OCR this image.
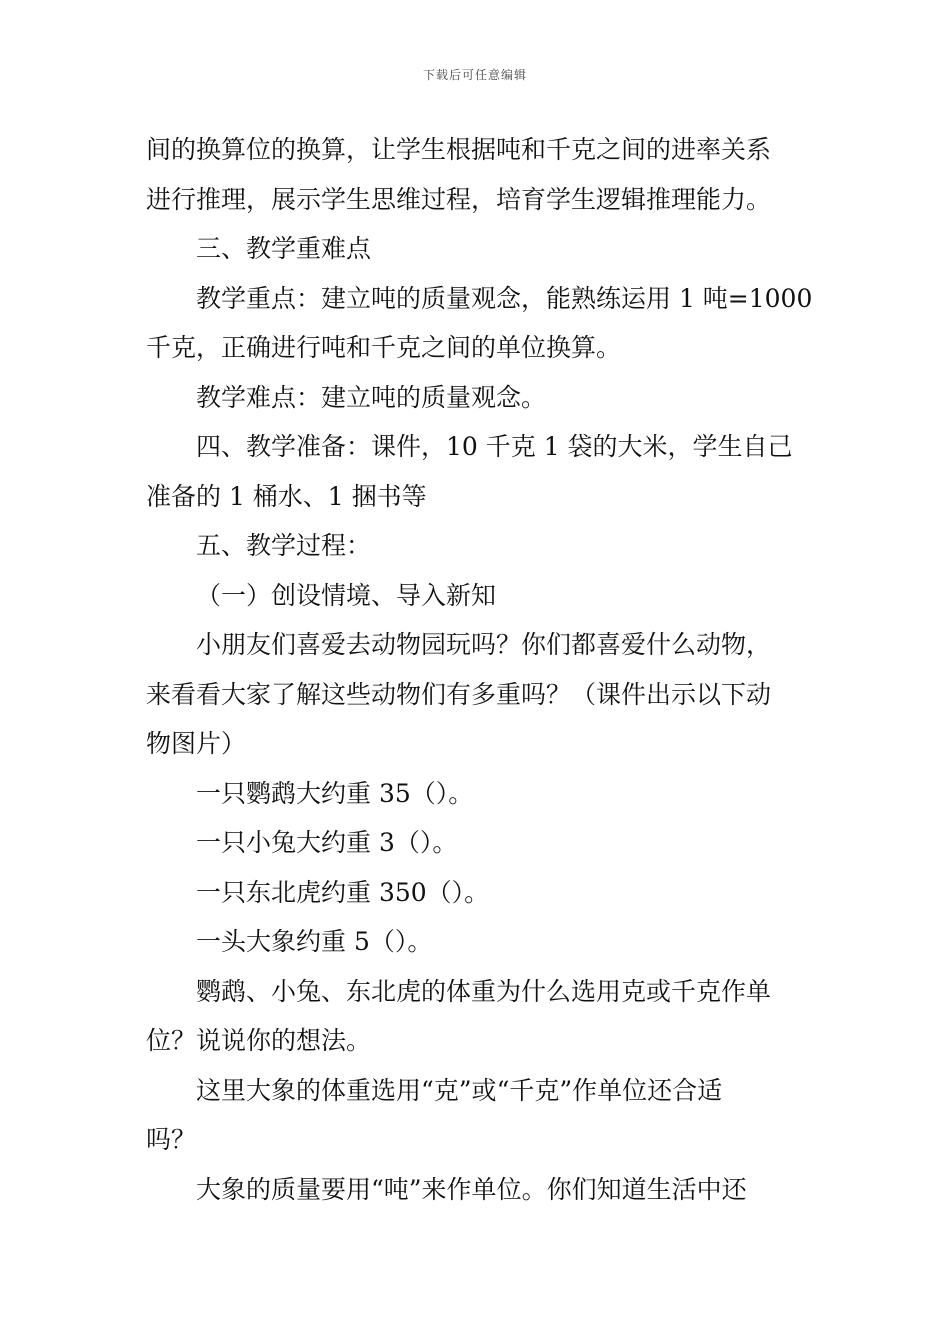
下载后可任意编辑

间的换算位的换算，让学生根据吨和千克之间的进率关系

进行推理，展示学生思维过程，培育学生逻辑推理能力。

三、教学重难点

教学重点：建立吨的质量观念，能熟练运用 1 吨=1000

千克，正确进行吨和千克之间的单位换算。

教学难点：建立吨的质量观念。

四、教学准备：课件，10 千克 1 袋的大米，学生自己

准备的 1 桶水、1 捆书等

五、教学过程：

（一）创设情境、导入新知

小朋友们喜爱去动物园玩吗？你们都喜爱什么动物，

来看看大家了解这些动物们有多重吗？（课件出示以下动

物图片）

一只鹦鹉大约重 35（）。

一只小兔大约重 3（）。

一只东北虎约重 350（）。

一头大象约重 5（）。

鹦鹉、小兔、东北虎的体重为什么选用克或千克作单

位？说说你的想法。

这里大象的体重选用“克”或“千克”作单位还合适

吗？

大象的质量要用“吨”来作单位。你们知道生活中还
